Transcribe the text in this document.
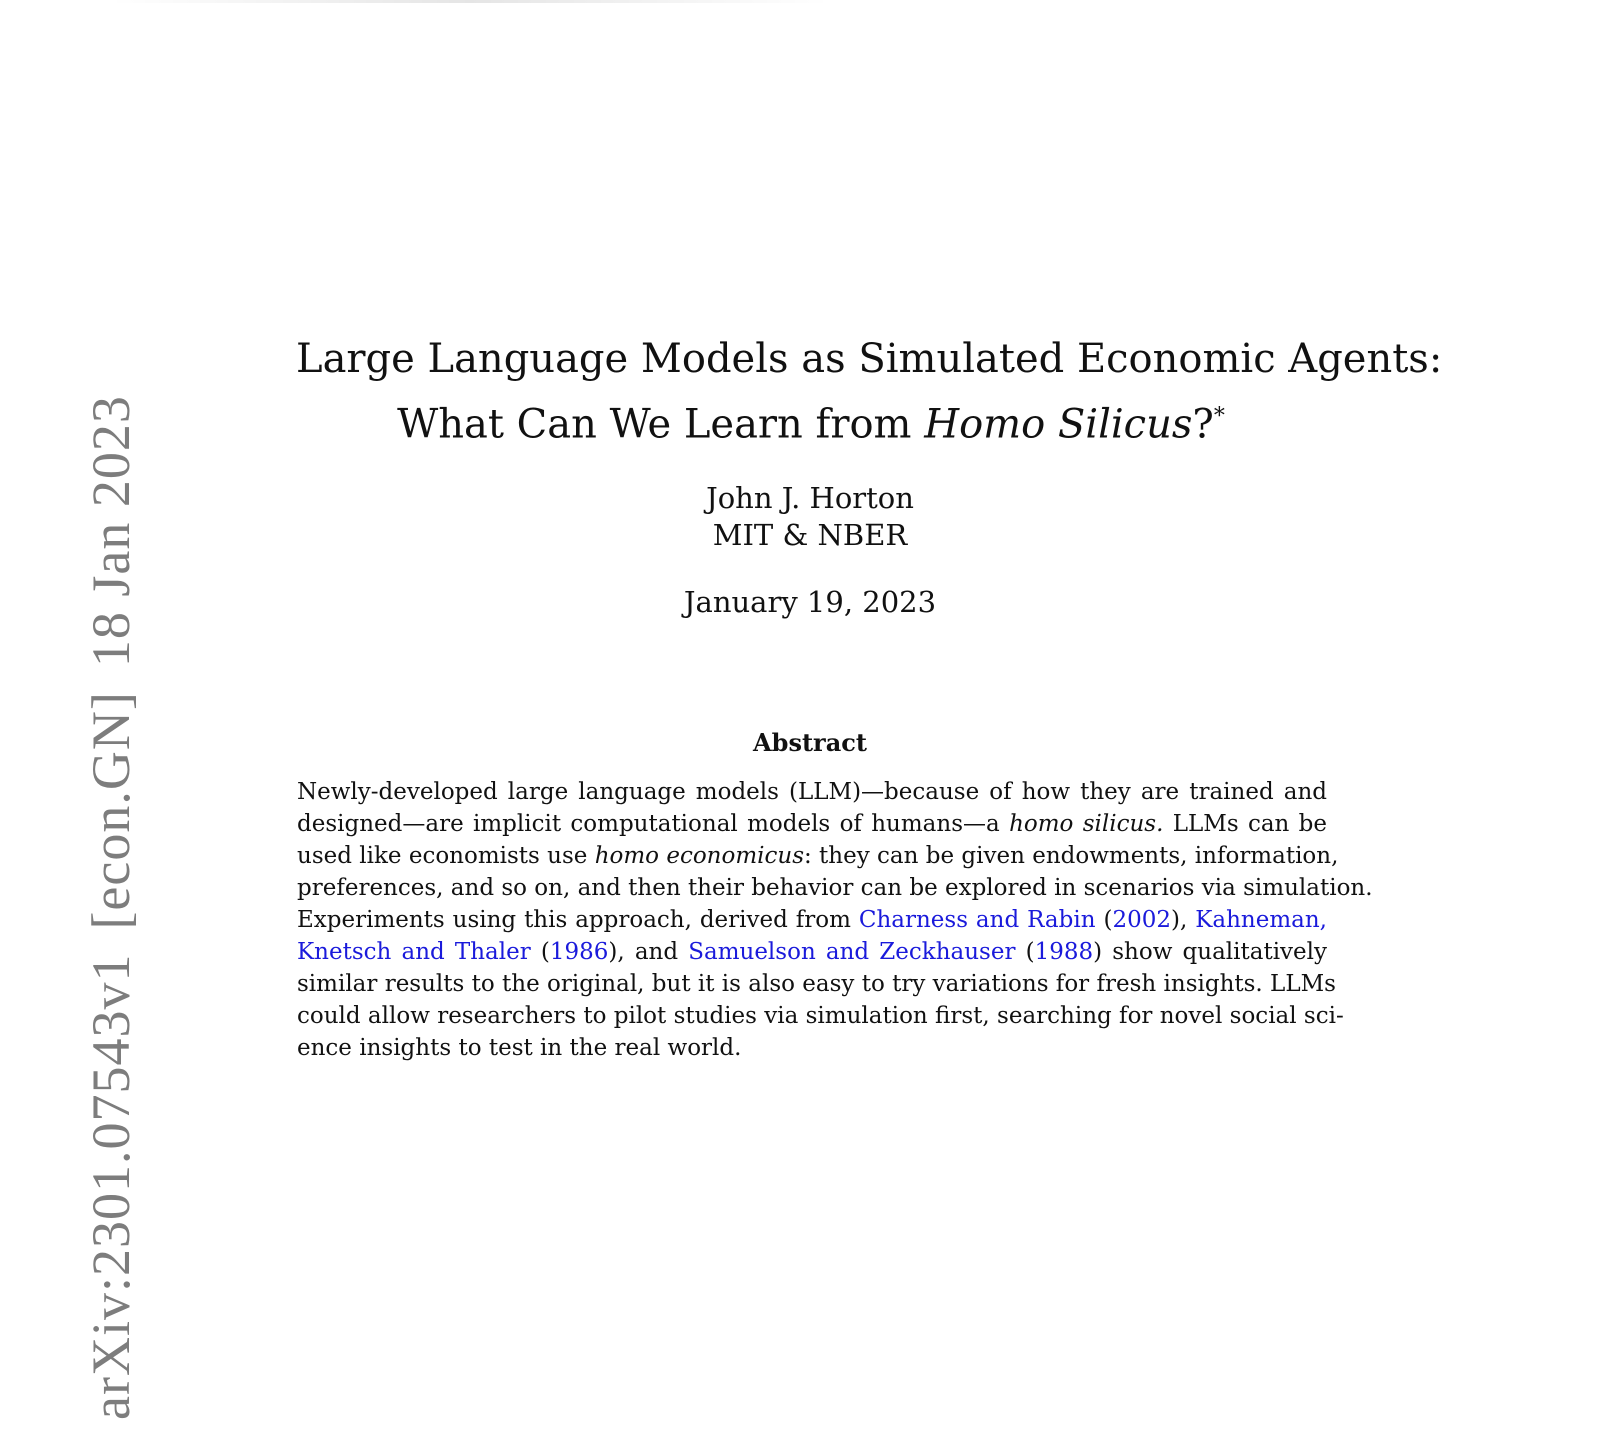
arXiv:2301.07543v1[econ.GN]18 Jan 2023
Large Language Models as Simulated Economic Agents:
What Can We Learn from Homo Silicus?*
John J. Horton
MIT & NBER
January 19, 2023
Abstract
Newly-developed large language models (LLM)—because of how they are trained and
designed—are implicit computational models of humans—a homo silicus. LLMs can be
used like economists use homo economicus: they can be given endowments, information,
preferences, and so on, and then their behavior can be explored in scenarios via simulation.
Experiments using this approach, derived from Charness and Rabin (2002), Kahneman,
Knetsch and Thaler (1986), and Samuelson and Zeckhauser (1988) show qualitatively
similar results to the original, but it is also easy to try variations for fresh insights. LLMs
could allow researchers to pilot studies via simulation first, searching for novel social sci-
ence insights to test in the real world.
